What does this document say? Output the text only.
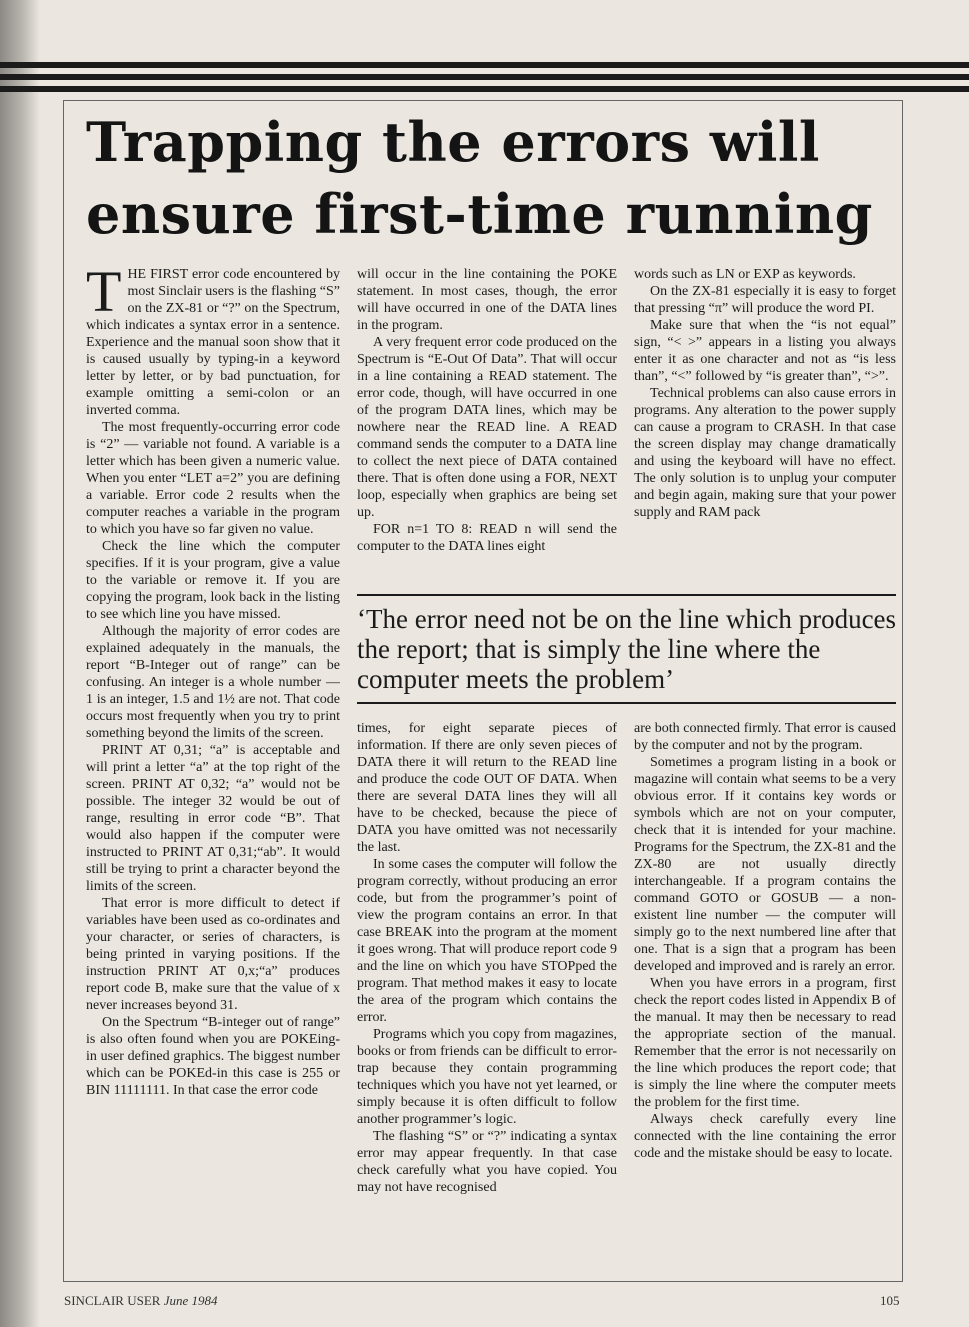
Trapping the errors will ensure first-time running

THE FIRST error code encountered by most Sinclair users is the flashing “S” on the ZX-81 or “?” on the Spectrum, which indicates a syntax error in a sentence. Experience and the manual soon show that it is caused usually by typing-in a keyword letter by letter, or by bad punctuation, for example omitting a semi-colon or an inverted comma.

The most frequently-occurring error code is “2” — variable not found. A variable is a letter which has been given a numeric value. When you enter “LET a=2” you are defining a variable. Error code 2 results when the computer reaches a variable in the program to which you have so far given no value.

Check the line which the computer specifies. If it is your program, give a value to the variable or remove it. If you are copying the program, look back in the listing to see which line you have missed.

Although the majority of error codes are explained adequately in the manuals, the report “B-Integer out of range” can be confusing. An integer is a whole number — 1 is an integer, 1.5 and 1½ are not. That code occurs most frequently when you try to print something beyond the limits of the screen.

PRINT AT 0,31; “a” is acceptable and will print a letter “a” at the top right of the screen. PRINT AT 0,32; “a” would not be possible. The integer 32 would be out of range, resulting in error code “B”. That would also happen if the computer were instructed to PRINT AT 0,31;“ab”. It would still be trying to print a character beyond the limits of the screen.

That error is more difficult to detect if variables have been used as co-ordinates and your character, or series of characters, is being printed in varying positions. If the instruction PRINT AT 0,x;“a” produces report code B, make sure that the value of x never increases beyond 31.

On the Spectrum “B-integer out of range” is also often found when you are POKEing-in user defined graphics. The biggest number which can be POKEd-in this case is 255 or BIN 11111111. In that case the error code

will occur in the line containing the POKE statement. In most cases, though, the error will have occurred in one of the DATA lines in the program.

A very frequent error code produced on the Spectrum is “E-Out Of Data”. That will occur in a line containing a READ statement. The error code, though, will have occurred in one of the program DATA lines, which may be nowhere near the READ line. A READ command sends the computer to a DATA line to collect the next piece of DATA contained there. That is often done using a FOR, NEXT loop, especially when graphics are being set up.

FOR n=1 TO 8: READ n will send the computer to the DATA lines eight

words such as LN or EXP as keywords.

On the ZX-81 especially it is easy to forget that pressing “π” will produce the word PI.

Make sure that when the “is not equal” sign, “< >” appears in a listing you always enter it as one character and not as “is less than”, “<” followed by “is greater than”, “>”.

Technical problems can also cause errors in programs. Any alteration to the power supply can cause a program to CRASH. In that case the screen display may change dramatically and using the keyboard will have no effect. The only solution is to unplug your computer and begin again, making sure that your power supply and RAM pack

‘The error need not be on the line which produces the report; that is simply the line where the computer meets the problem’

times, for eight separate pieces of information. If there are only seven pieces of DATA there it will return to the READ line and produce the code OUT OF DATA. When there are several DATA lines they will all have to be checked, because the piece of DATA you have omitted was not necessarily the last.

In some cases the computer will follow the program correctly, without producing an error code, but from the programmer’s point of view the program contains an error. In that case BREAK into the program at the moment it goes wrong. That will produce report code 9 and the line on which you have STOPped the program. That method makes it easy to locate the area of the program which contains the error.

Programs which you copy from magazines, books or from friends can be difficult to error-trap because they contain programming techniques which you have not yet learned, or simply because it is often difficult to follow another programmer’s logic.

The flashing “S” or “?” indicating a syntax error may appear frequently. In that case check carefully what you have copied. You may not have recognised

are both connected firmly. That error is caused by the computer and not by the program.

Sometimes a program listing in a book or magazine will contain what seems to be a very obvious error. If it contains key words or symbols which are not on your computer, check that it is intended for your machine. Programs for the Spectrum, the ZX-81 and the ZX-80 are not usually directly interchangeable. If a program contains the command GOTO or GOSUB — a non-existent line number — the computer will simply go to the next numbered line after that one. That is a sign that a program has been developed and improved and is rarely an error.

When you have errors in a program, first check the report codes listed in Appendix B of the manual. It may then be necessary to read the appropriate section of the manual. Remember that the error is not necessarily on the line which produces the report code; that is simply the line where the computer meets the problem for the first time.

Always check carefully every line connected with the line containing the error code and the mistake should be easy to locate.

SINCLAIR USER June 1984	105
